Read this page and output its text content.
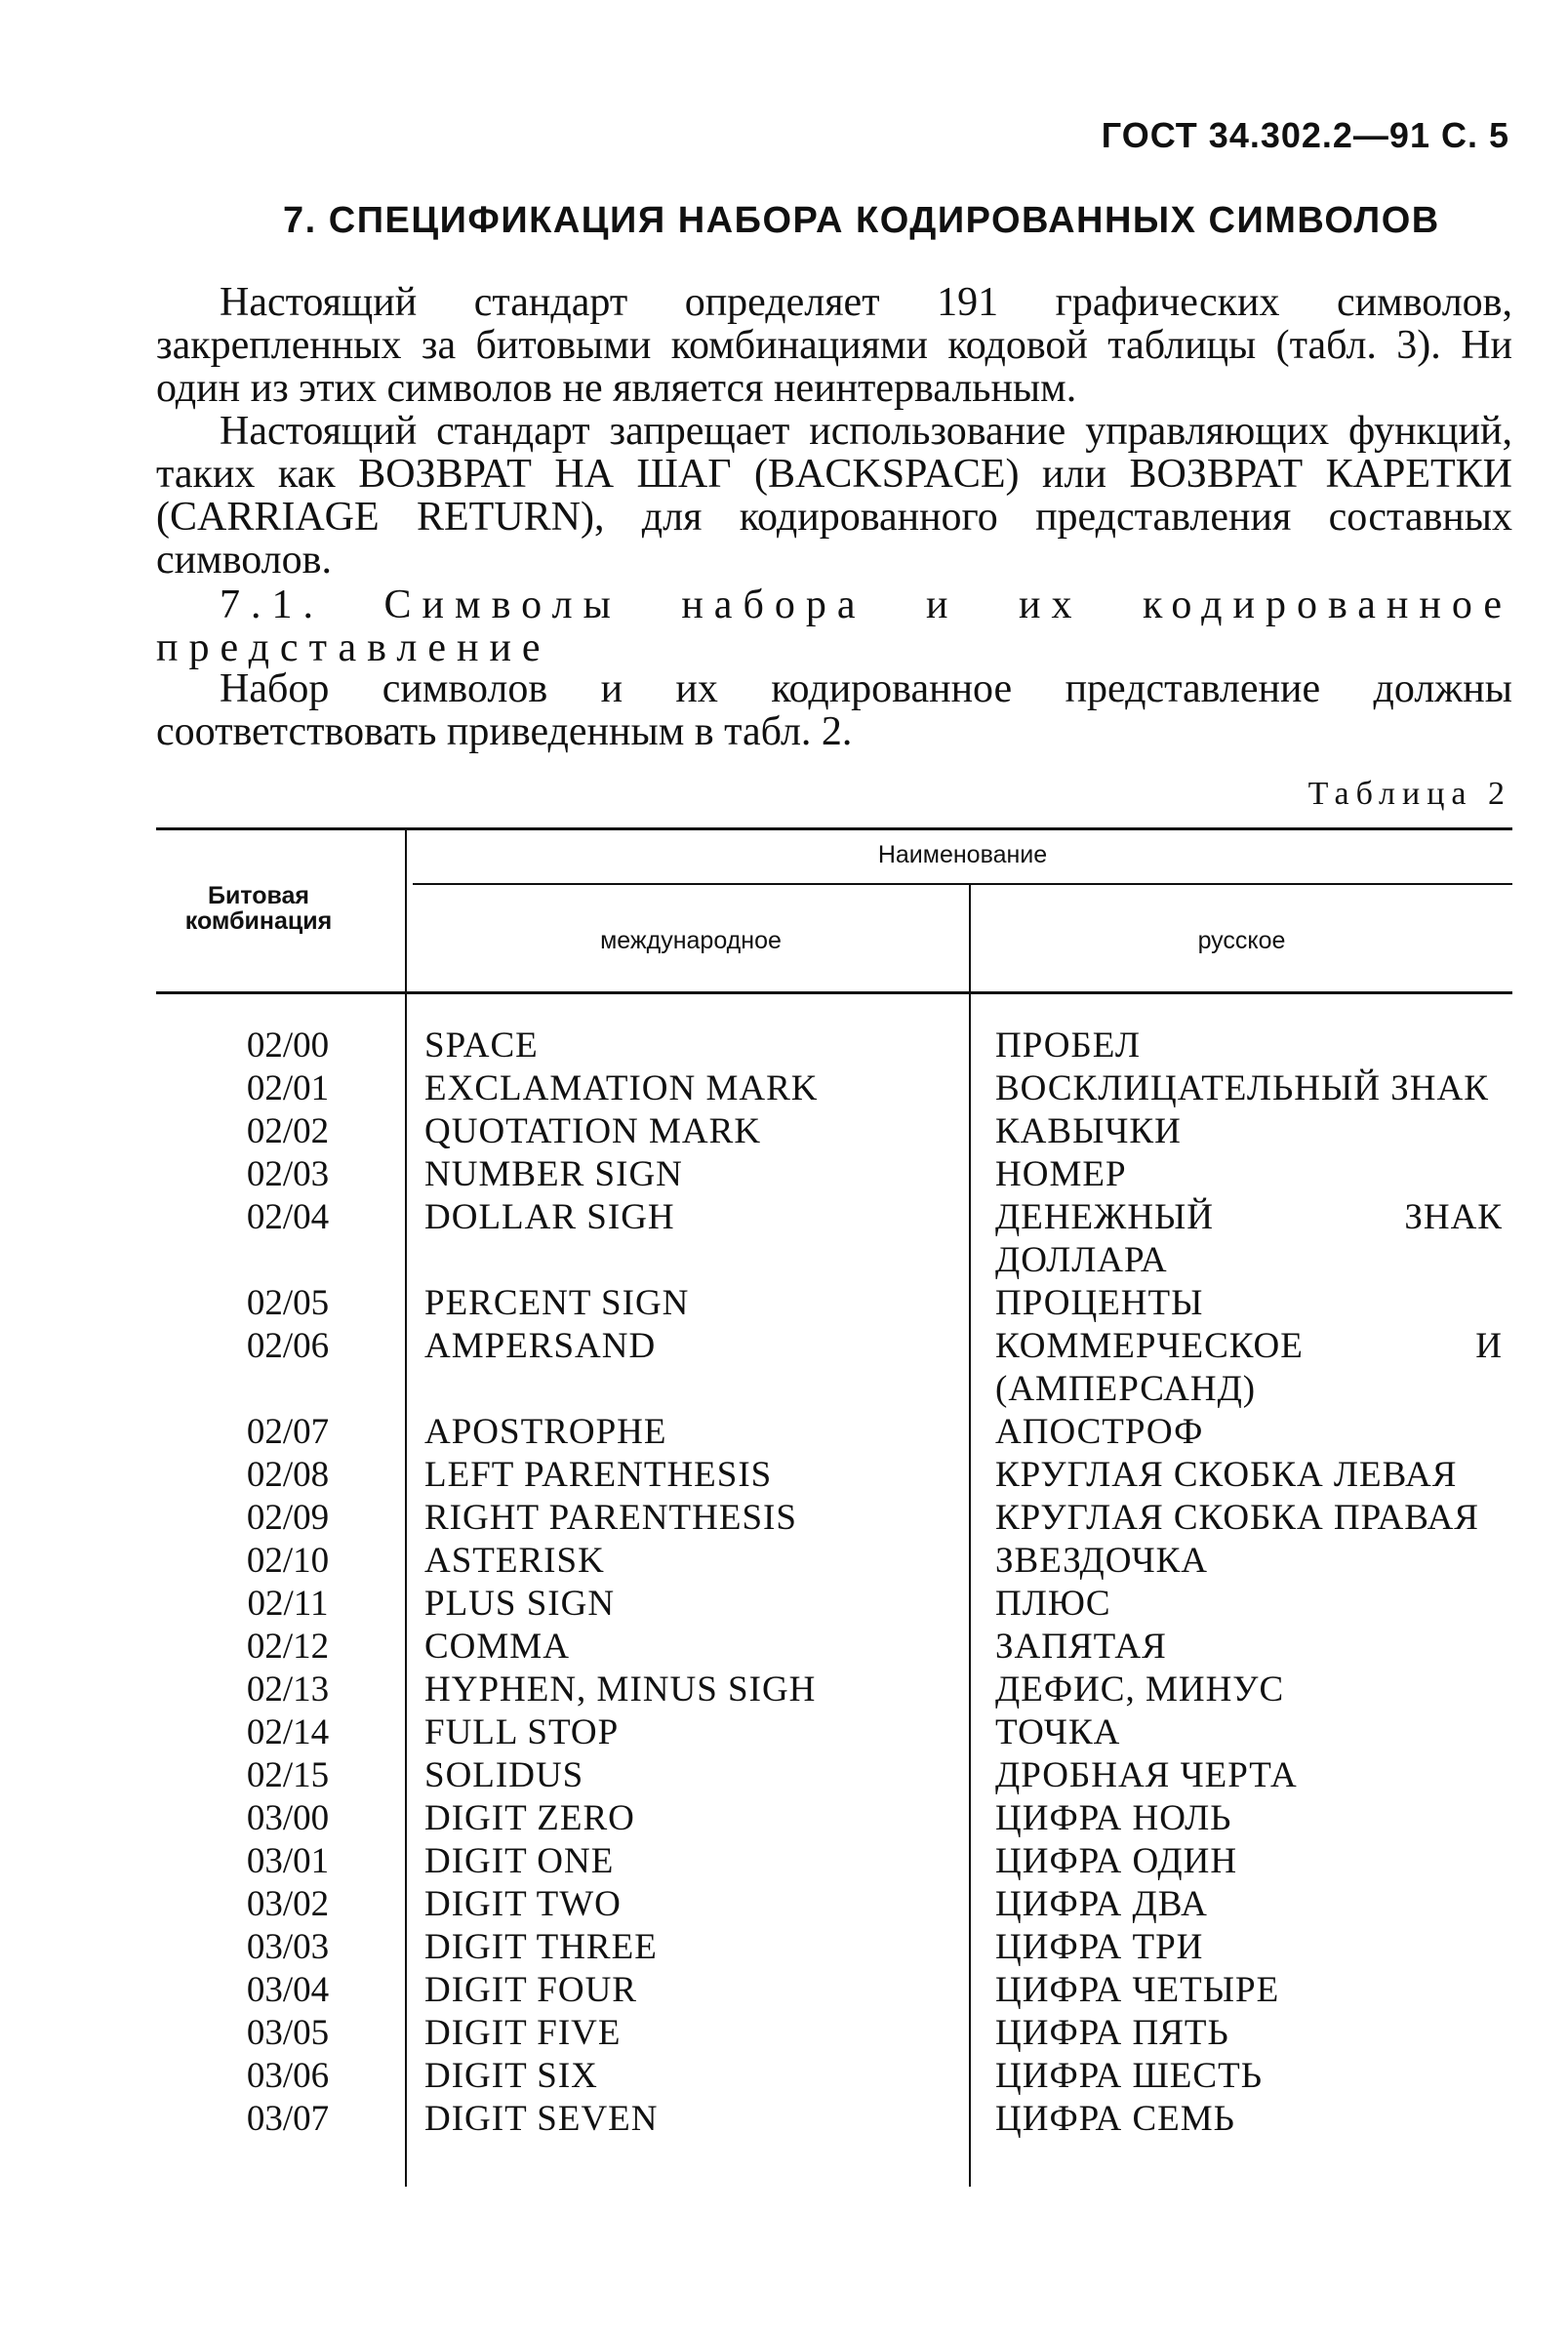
ГОСТ 34.302.2—91 С. 5
7. СПЕЦИФИКАЦИЯ НАБОРА КОДИРОВАННЫХ СИМВОЛОВ
Настоящий стандарт определяет 191 графических символов, закрепленных за битовыми комбинациями кодовой таблицы (табл. 3). Ни один из этих символов не является неинтервальным.
Настоящий стандарт запрещает использование управляющих функций, таких как ВОЗВРАТ НА ШАГ (BACKSPACE) или ВОЗВРАТ КАРЕТКИ (CARRIAGE RETURN), для кодированного представления составных символов.
7.1. Символы набора и их кодированное представление
Набор символов и их кодированное представление должны соответствовать приведенным в табл. 2.
Таблица 2
Битовая комбинация
Наименование
международное	русское
02/00	SPACE	ПРОБЕЛ
02/01	EXCLAMATION MARK	ВОСКЛИЦАТЕЛЬНЫЙ ЗНАК
02/02	QUOTATION MARK	КАВЫЧКИ
02/03	NUMBER SIGN	НОМЕР
02/04	DOLLAR SIGH	ДЕНЕЖНЫЙ ЗНАК ДОЛЛАРА
02/05	PERCENT SIGN	ПРОЦЕНТЫ
02/06	AMPERSAND	КОММЕРЧЕСКОЕ И (АМПЕРСАНД)
02/07	APOSTROPHE	АПОСТРОФ
02/08	LEFT PARENTHESIS	КРУГЛАЯ СКОБКА ЛЕВАЯ
02/09	RIGHT PARENTHESIS	КРУГЛАЯ СКОБКА ПРАВАЯ
02/10	ASTERISK	ЗВЕЗДОЧКА
02/11	PLUS SIGN	ПЛЮС
02/12	COMMA	ЗАПЯТАЯ
02/13	HYPHEN, MINUS SIGH	ДЕФИС, МИНУС
02/14	FULL STOP	ТОЧКА
02/15	SOLIDUS	ДРОБНАЯ ЧЕРТА
03/00	DIGIT ZERO	ЦИФРА НОЛЬ
03/01	DIGIT ONE	ЦИФРА ОДИН
03/02	DIGIT TWO	ЦИФРА ДВА
03/03	DIGIT THREE	ЦИФРА ТРИ
03/04	DIGIT FOUR	ЦИФРА ЧЕТЫРЕ
03/05	DIGIT FIVE	ЦИФРА ПЯТЬ
03/06	DIGIT SIX	ЦИФРА ШЕСТЬ
03/07	DIGIT SEVEN	ЦИФРА СЕМЬ
